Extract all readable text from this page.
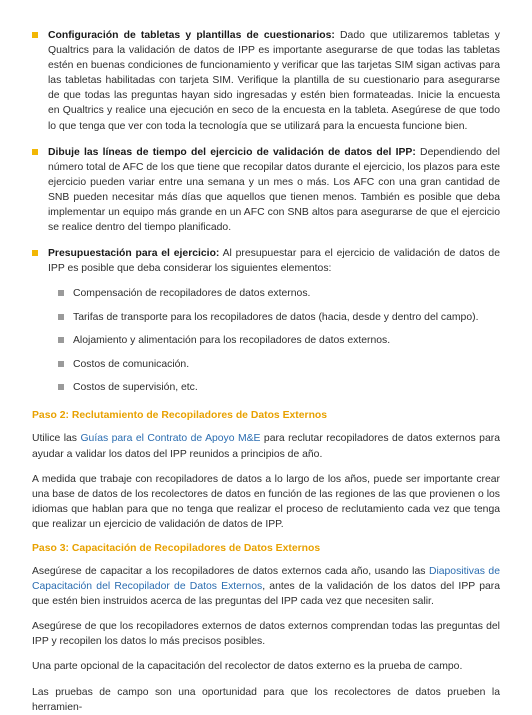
Configuración de tabletas y plantillas de cuestionarios: Dado que utilizaremos tabletas y Qualtrics para la validación de datos de IPP es importante asegurarse de que todas las tabletas estén en buenas condiciones de funcionamiento y verificar que las tarjetas SIM sigan activas para las tabletas habilitadas con tarjeta SIM. Verifique la plantilla de su cuestionario para asegurarse de que todas las preguntas hayan sido ingresadas y estén bien formateadas. Inicie la encuesta en Qualtrics y realice una ejecución en seco de la encuesta en la tableta. Asegúrese de que todo lo que tenga que ver con toda la tecnología que se utilizará para la encuesta funcione bien.

Dibuje las líneas de tiempo del ejercicio de validación de datos del IPP: Dependiendo del número total de AFC de los que tiene que recopilar datos durante el ejercicio, los plazos para este ejercicio pueden variar entre una semana y un mes o más. Los AFC con una gran cantidad de SNB pueden necesitar más días que aquellos que tienen menos. También es posible que deba implementar un equipo más grande en un AFC con SNB altos para asegurarse de que el ejercicio se realice dentro del tiempo planificado.

Presupuestación para el ejercicio: Al presupuestar para el ejercicio de validación de datos de IPP es posible que deba considerar los siguientes elementos:

Compensación de recopiladores de datos externos.
Tarifas de transporte para los recopiladores de datos (hacia, desde y dentro del campo).
Alojamiento y alimentación para los recopiladores de datos externos.
Costos de comunicación.
Costos de supervisión, etc.
Paso 2: Reclutamiento de Recopiladores de Datos Externos

Utilice las Guías para el Contrato de Apoyo M&E para reclutar recopiladores de datos externos para ayudar a validar los datos del IPP reunidos a principios de año.

A medida que trabaje con recopiladores de datos a lo largo de los años, puede ser importante crear una base de datos de los recolectores de datos en función de las regiones de las que provienen o los idiomas que hablan para que no tenga que realizar el proceso de reclutamiento cada vez que tenga que realizar un ejercicio de validación de datos de IPP.

Paso 3: Capacitación de Recopiladores de Datos Externos

Asegúrese de capacitar a los recopiladores de datos externos cada año, usando las Diapositivas de Capacitación del Recopilador de Datos Externos, antes de la validación de los datos del IPP para que estén bien instruidos acerca de las preguntas del IPP cada vez que necesiten salir.

Asegúrese de que los recopiladores externos de datos externos comprendan todas las preguntas del IPP y recopilen los datos lo más precisos posibles.

Una parte opcional de la capacitación del recolector de datos externo es la prueba de campo.

Las pruebas de campo son una oportunidad para que los recolectores de datos prueben la herramien-
